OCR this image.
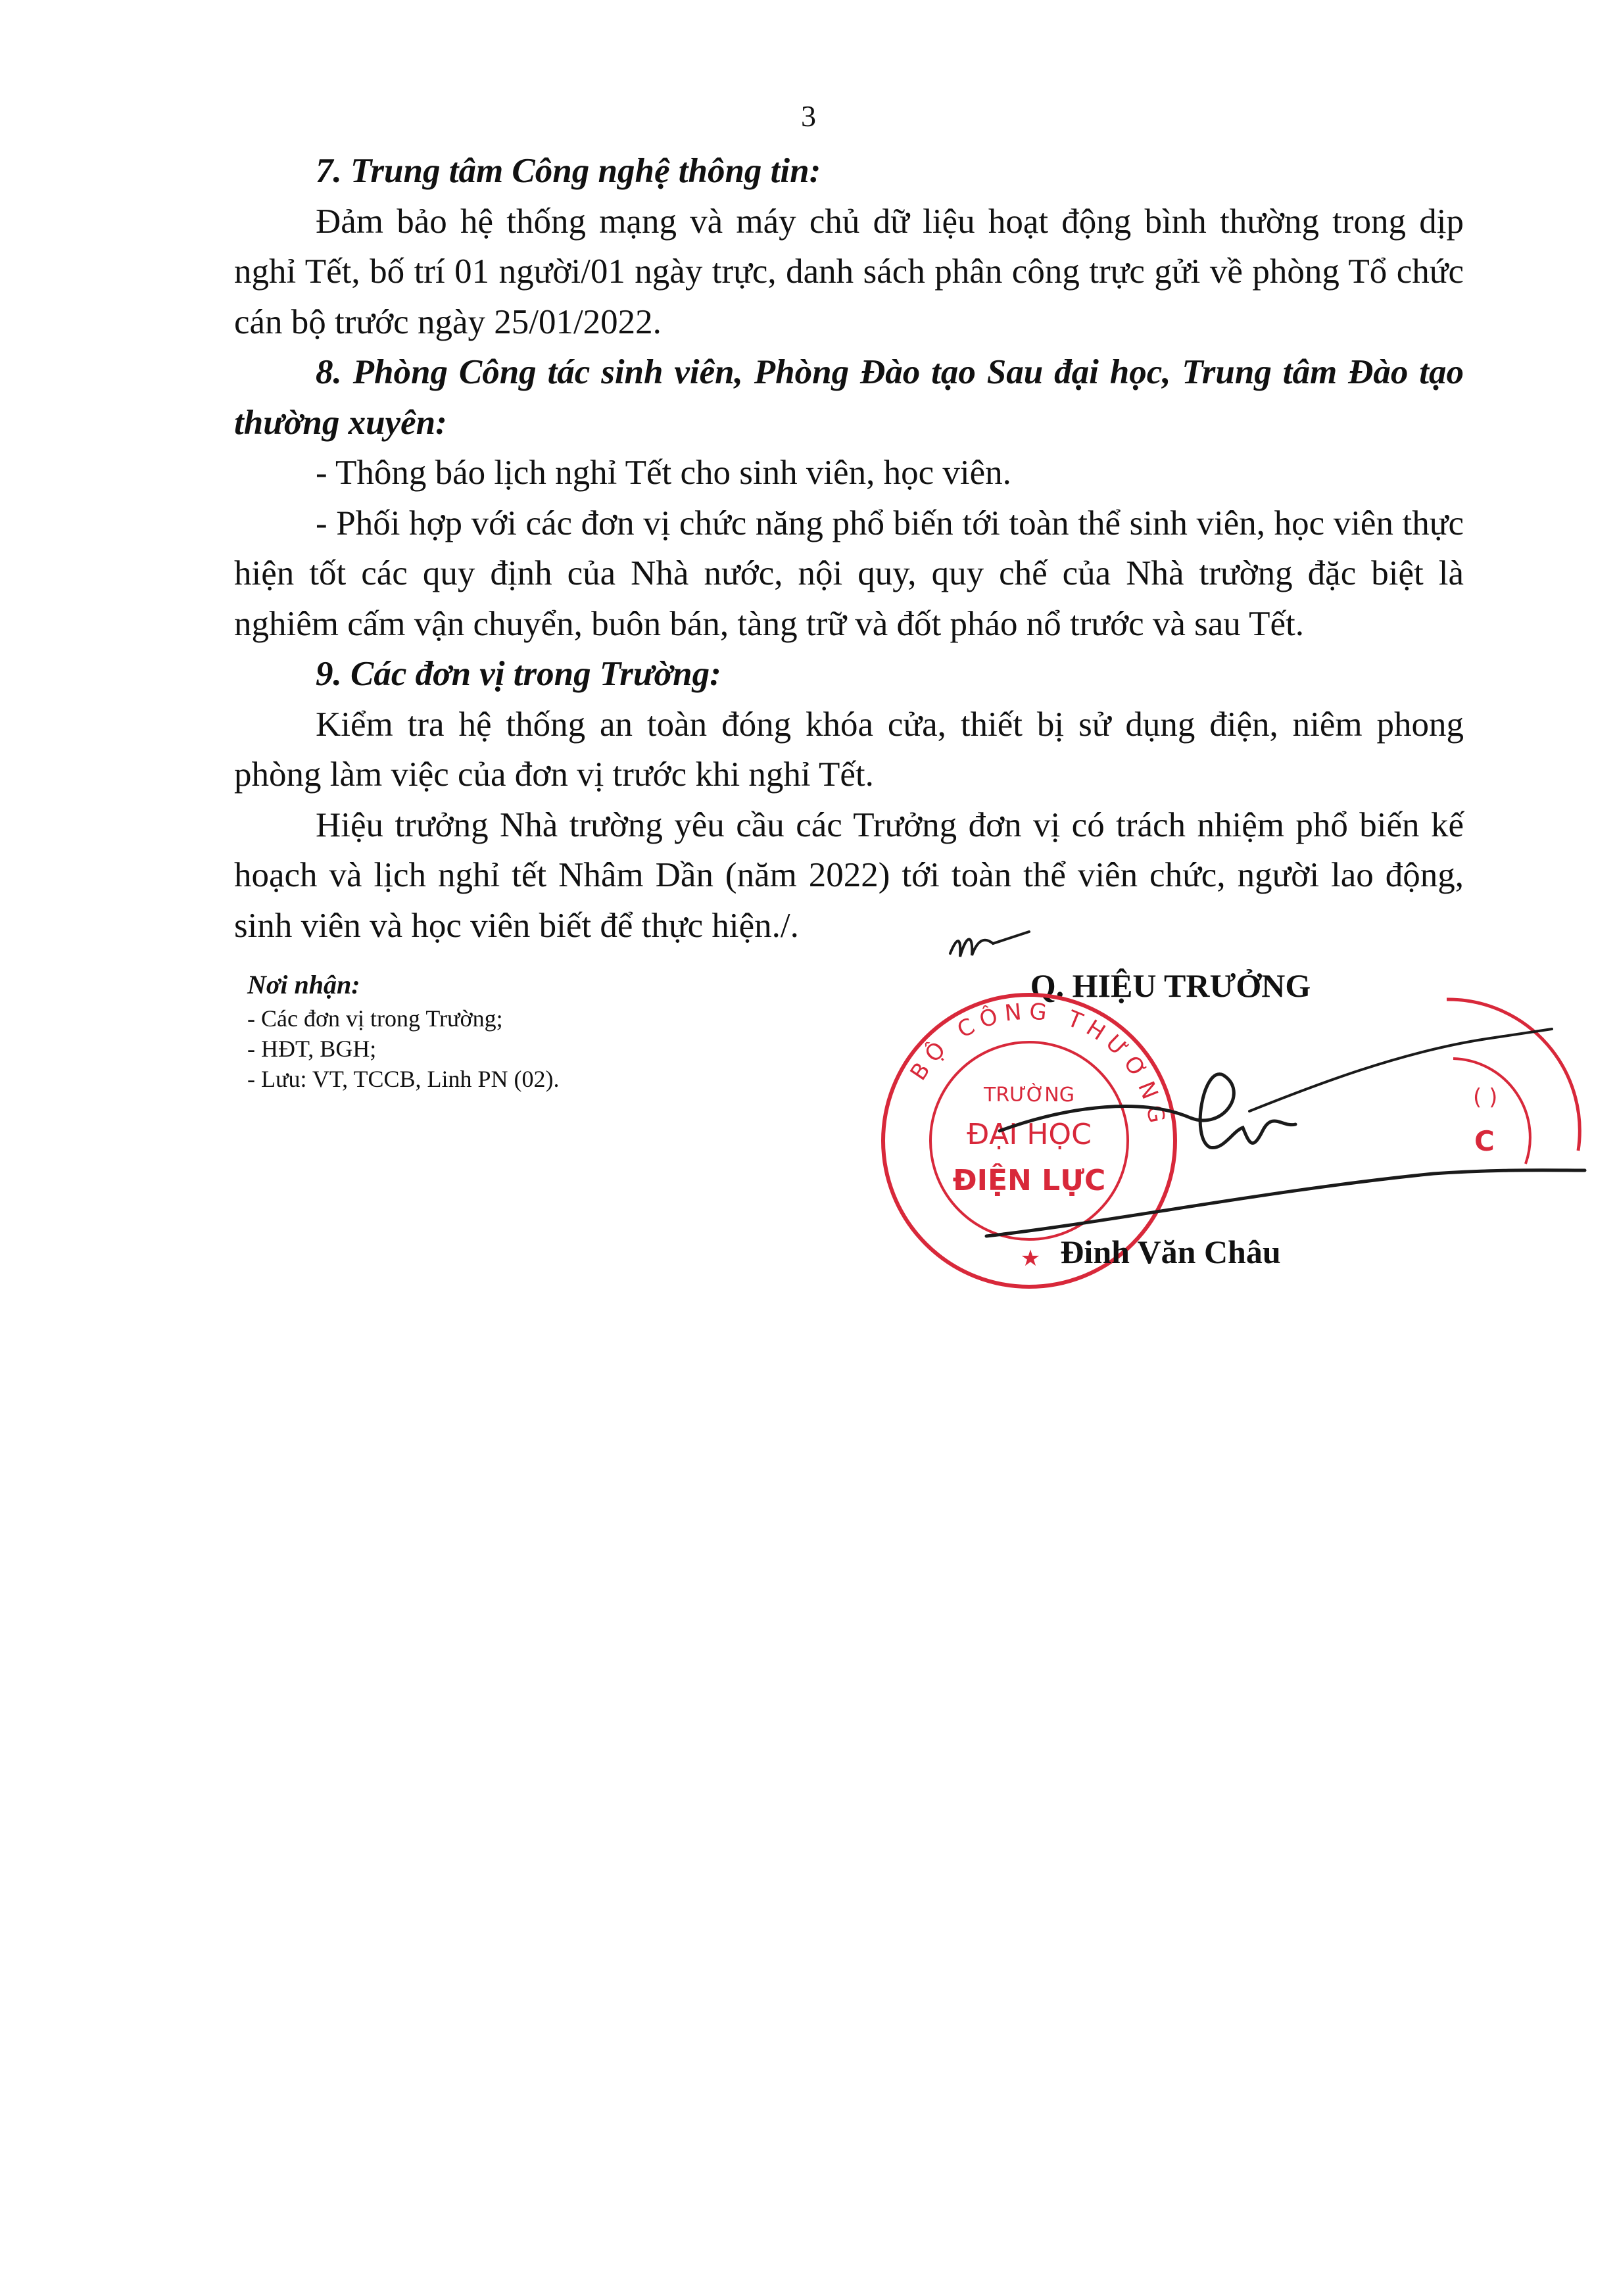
3

7. Trung tâm Công nghệ thông tin:

Đảm bảo hệ thống mạng và máy chủ dữ liệu hoạt động bình thường trong dịp nghỉ Tết, bố trí 01 người/01 ngày trực, danh sách phân công trực gửi về phòng Tổ chức cán bộ trước ngày 25/01/2022.

8. Phòng Công tác sinh viên, Phòng Đào tạo Sau đại học, Trung tâm Đào tạo thường xuyên:

- Thông báo lịch nghỉ Tết cho sinh viên, học viên.

- Phối hợp với các đơn vị chức năng phổ biến tới toàn thể sinh viên, học viên thực hiện tốt các quy định của Nhà nước, nội quy, quy chế của Nhà trường đặc biệt là nghiêm cấm vận chuyển, buôn bán, tàng trữ và đốt pháo nổ trước và sau Tết.

9. Các đơn vị trong Trường:

Kiểm tra hệ thống an toàn đóng khóa cửa, thiết bị sử dụng điện, niêm phong phòng làm việc của đơn vị trước khi nghỉ Tết.

Hiệu trưởng Nhà trường yêu cầu các Trưởng đơn vị có trách nhiệm phổ biến kế hoạch và lịch nghỉ tết Nhâm Dần (năm 2022) tới toàn thể viên chức, người lao động, sinh viên và học viên biết để thực hiện./.

Nơi nhận:
- Các đơn vị trong Trường;
- HĐT, BGH;
- Lưu: VT, TCCB, Linh PN (02).
Q. HIỆU TRƯỞNG
BỘ CÔNG THƯƠNG
TRƯỜNG
ĐẠI HỌC
ĐIỆN LỰC
★
( )
C
Đinh Văn Châu
